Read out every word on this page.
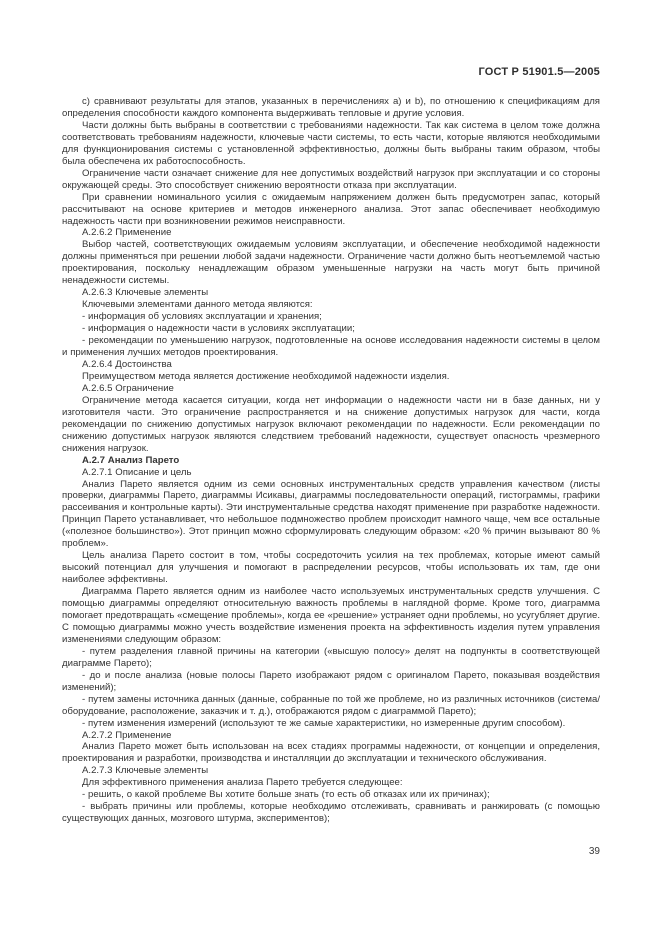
ГОСТ Р 51901.5—2005

с) сравнивают результаты для этапов, указанных в перечислениях a) и b), по отношению к спецификациям для определения способности каждого компонента выдерживать тепловые и другие условия.

Части должны быть выбраны в соответствии с требованиями надежности. Так как система в целом тоже должна соответствовать требованиям надежности, ключевые части системы, то есть части, которые являются необходимыми для функционирования системы с установленной эффективностью, должны быть выбраны таким образом, чтобы была обеспечена их работоспособность.

Ограничение части означает снижение для нее допустимых воздействий нагрузок при эксплуатации и со стороны окружающей среды. Это способствует снижению вероятности отказа при эксплуатации.

При сравнении номинального усилия с ожидаемым напряжением должен быть предусмотрен запас, который рассчитывают на основе критериев и методов инженерного анализа. Этот запас обеспечивает необходимую надежность части при возникновении режимов неисправности.

А.2.6.2 Применение

Выбор частей, соответствующих ожидаемым условиям эксплуатации, и обеспечение необходимой надежности должны применяться при решении любой задачи надежности. Ограничение части должно быть неотъемлемой частью проектирования, поскольку ненадлежащим образом уменьшенные нагрузки на часть могут быть причиной ненадежности системы.

А.2.6.3 Ключевые элементы

Ключевыми элементами данного метода являются:

- информация об условиях эксплуатации и хранения;

- информация о надежности части в условиях эксплуатации;

- рекомендации по уменьшению нагрузок, подготовленные на основе исследования надежности системы в целом и применения лучших методов проектирования.

А.2.6.4 Достоинства

Преимуществом метода является достижение необходимой надежности изделия.

А.2.6.5 Ограничение

Ограничение метода касается ситуации, когда нет информации о надежности части ни в базе данных, ни у изготовителя части. Это ограничение распространяется и на снижение допустимых нагрузок для части, когда рекомендации по снижению допустимых нагрузок включают рекомендации по надежности. Если рекомендации по снижению допустимых нагрузок являются следствием требований надежности, существует опасность чрезмерного снижения нагрузок.

А.2.7 Анализ Парето

А.2.7.1 Описание и цель

Анализ Парето является одним из семи основных инструментальных средств управления качеством (листы проверки, диаграммы Парето, диаграммы Исикавы, диаграммы последовательности операций, гистограммы, графики рассеивания и контрольные карты). Эти инструментальные средства находят применение при разработке надежности. Принцип Парето устанавливает, что небольшое подмножество проблем происходит намного чаще, чем все остальные («полезное большинство»). Этот принцип можно сформулировать следующим образом: «20 % причин вызывают 80 % проблем».

Цель анализа Парето состоит в том, чтобы сосредоточить усилия на тех проблемах, которые имеют самый высокий потенциал для улучшения и помогают в распределении ресурсов, чтобы использовать их там, где они наиболее эффективны.

Диаграмма Парето является одним из наиболее часто используемых инструментальных средств улучшения. С помощью диаграммы определяют относительную важность проблемы в наглядной форме. Кроме того, диаграмма помогает предотвращать «смещение проблемы», когда ее «решение» устраняет одни проблемы, но усугубляет другие. С помощью диаграммы можно учесть воздействие изменения проекта на эффективность изделия путем управления изменениями следующим образом:

- путем разделения главной причины на категории («высшую полосу» делят на подпункты в соответствующей диаграмме Парето);

- до и после анализа (новые полосы Парето изображают рядом с оригиналом Парето, показывая воздействия изменений);

- путем замены источника данных (данные, собранные по той же проблеме, но из различных источников (система/оборудование, расположение, заказчик и т. д.), отображаются рядом с диаграммой Парето);

- путем изменения измерений (используют те же самые характеристики, но измеренные другим способом).

А.2.7.2 Применение

Анализ Парето может быть использован на всех стадиях программы надежности, от концепции и определения, проектирования и разработки, производства и инсталляции до эксплуатации и технического обслуживания.

А.2.7.3 Ключевые элементы

Для эффективного применения анализа Парето требуется следующее:

- решить, о какой проблеме Вы хотите больше знать (то есть об отказах или их причинах);

- выбрать причины или проблемы, которые необходимо отслеживать, сравнивать и ранжировать (с помощью существующих данных, мозгового штурма, экспериментов);

39
